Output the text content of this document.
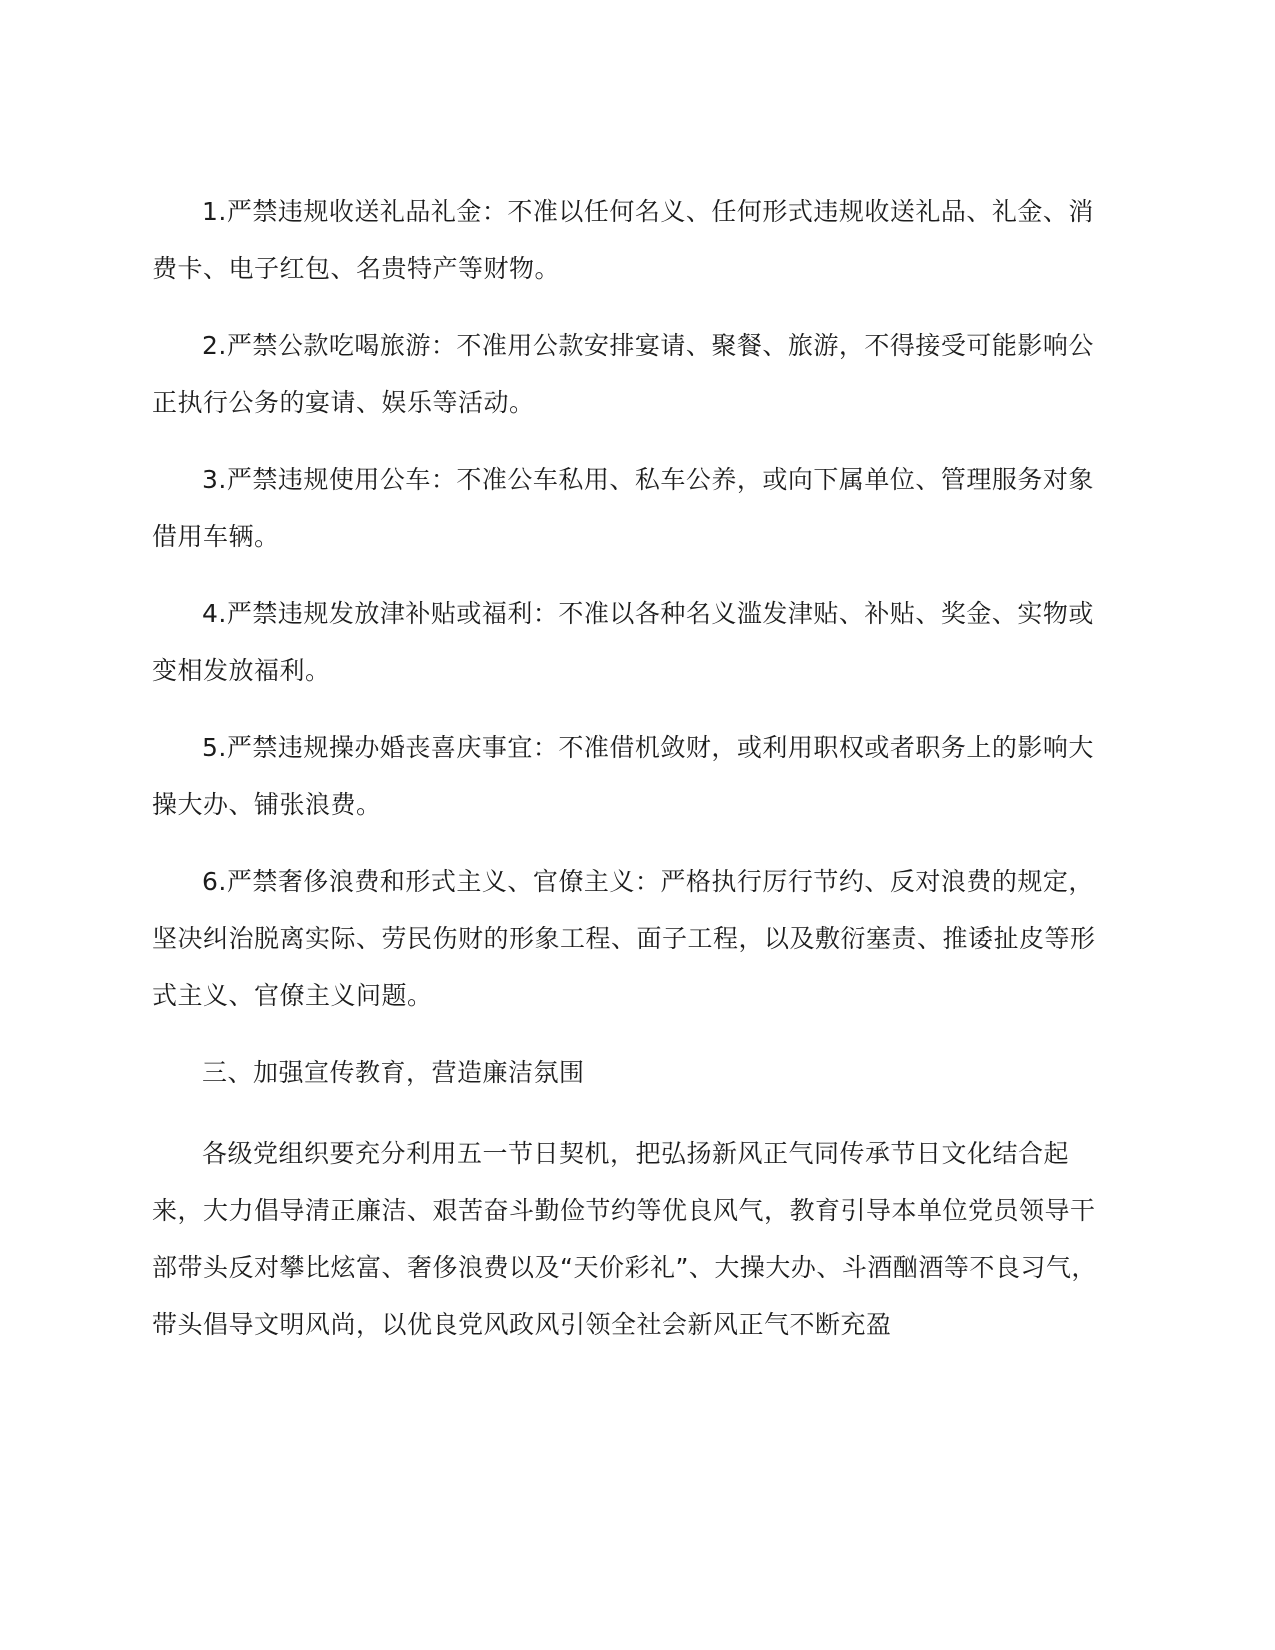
1.严禁违规收送礼品礼金：不准以任何名义、任何形式违规收送礼品、礼金、消费卡、电子红包、名贵特产等财物。

2.严禁公款吃喝旅游：不准用公款安排宴请、聚餐、旅游，不得接受可能影响公正执行公务的宴请、娱乐等活动。

3.严禁违规使用公车：不准公车私用、私车公养，或向下属单位、管理服务对象借用车辆。

4.严禁违规发放津补贴或福利：不准以各种名义滥发津贴、补贴、奖金、实物或变相发放福利。

5.严禁违规操办婚丧喜庆事宜：不准借机敛财，或利用职权或者职务上的影响大操大办、铺张浪费。

6.严禁奢侈浪费和形式主义、官僚主义：严格执行厉行节约、反对浪费的规定，坚决纠治脱离实际、劳民伤财的形象工程、面子工程，以及敷衍塞责、推诿扯皮等形式主义、官僚主义问题。

三、加强宣传教育，营造廉洁氛围

各级党组织要充分利用五一节日契机，把弘扬新风正气同传承节日文化结合起来，大力倡导清正廉洁、艰苦奋斗勤俭节约等优良风气，教育引导本单位党员领导干部带头反对攀比炫富、奢侈浪费以及“天价彩礼”、大操大办、斗酒酗酒等不良习气，带头倡导文明风尚，以优良党风政风引领全社会新风正气不断充盈
